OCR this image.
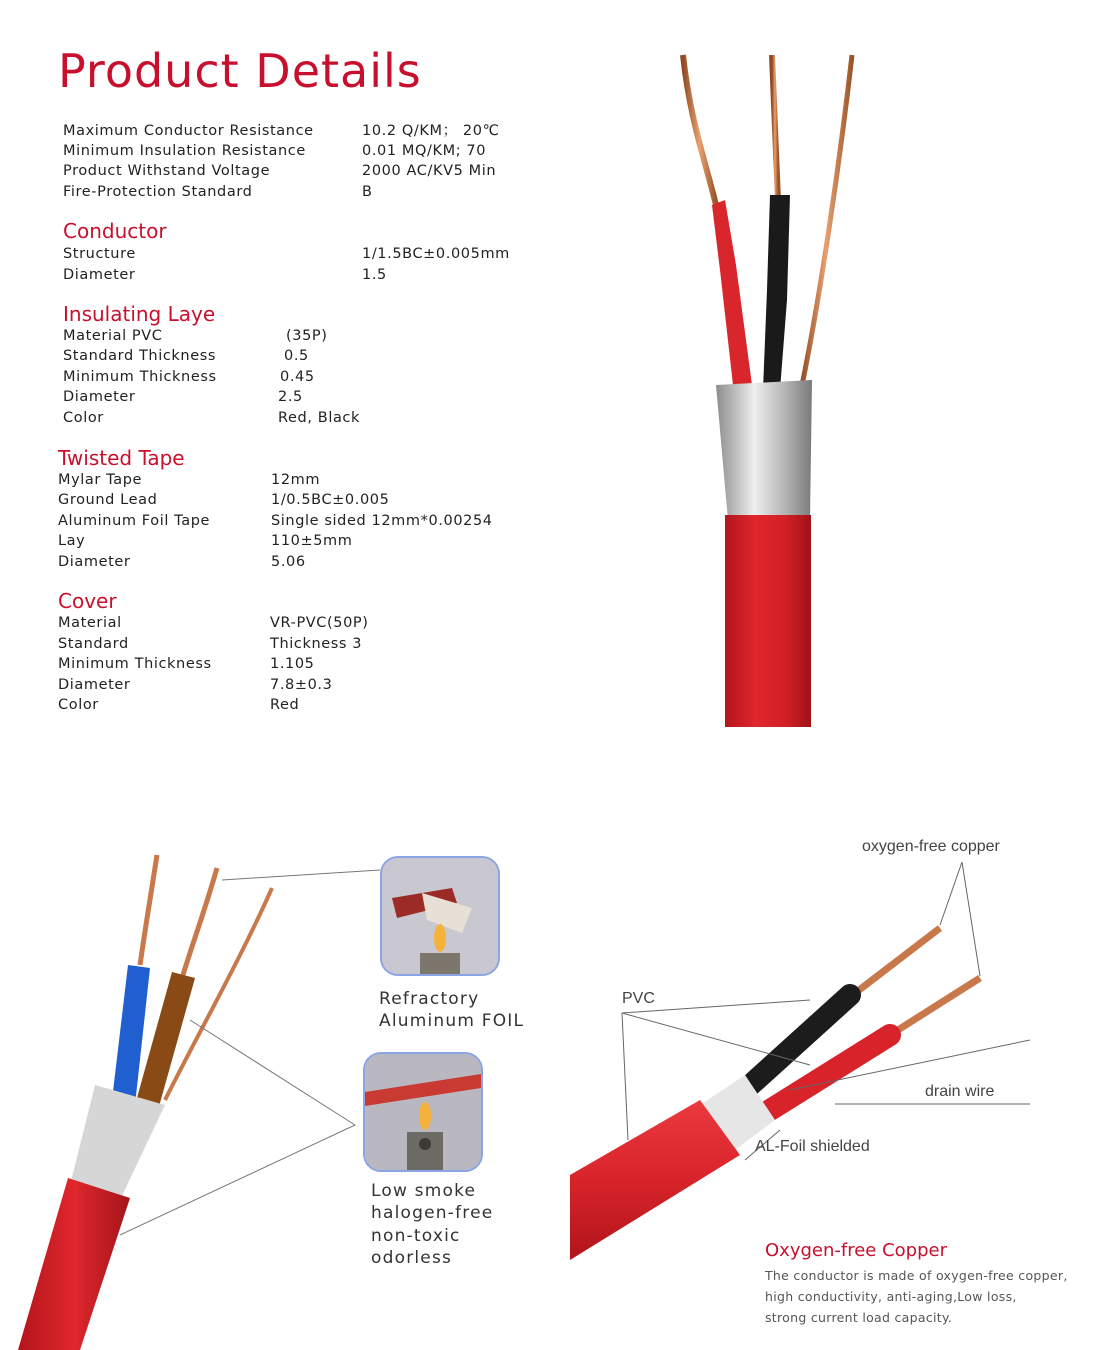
Product Details
Maximum Conductor Resistance	10.2 Q/KM； 20℃
Minimum Insulation Resistance	0.01 MQ/KM; 70
Product Withstand Voltage	2000 AC/KV5 Min
Fire-Protection Standard	B
Conductor
Structure	1/1.5BC±0.005mm
Diameter	1.5
Insulating Laye
Material PVC	(35P)
Standard Thickness	0.5
Minimum Thickness	0.45
Diameter	2.5
Color	Red, Black
Twisted Tape
Mylar Tape	12mm
Ground Lead	1/0.5BC±0.005
Aluminum Foil Tape	Single sided 12mm*0.00254
Lay	110±5mm
Diameter	5.06
Cover
Material	VR-PVC(50P)
Standard	Thickness 3
Minimum Thickness	1.105
Diameter	7.8±0.3
Color	Red
Refractory
Aluminum FOIL
Low smoke
halogen-free
non-toxic
odorless
oxygen-free copper
PVC
drain wire
AL-Foil shielded
Oxygen-free Copper
The conductor is made of oxygen-free copper,
high conductivity, anti-aging,Low loss,
strong current load capacity.
